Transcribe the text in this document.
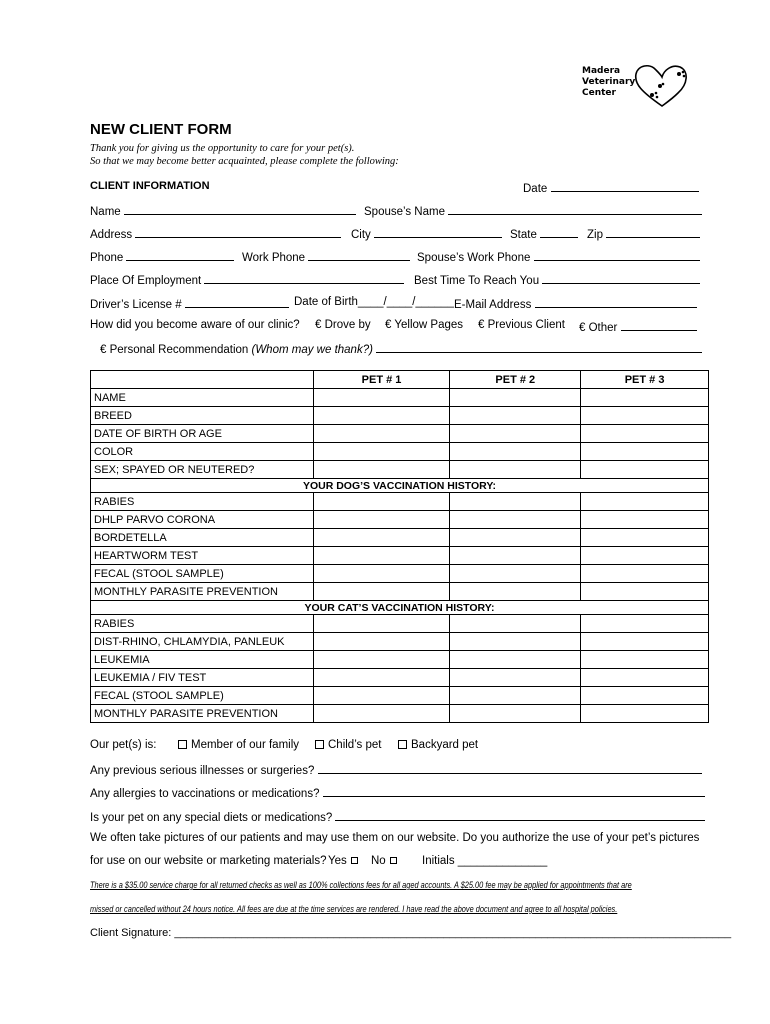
Madera
Veterinary
Center
NEW CLIENT FORM
Thank you for giving us the opportunity to care for your pet(s).
So that we may become better acquainted, please complete the following:
CLIENT INFORMATION	Date
Name	Spouse’s Name
Address	City	State	Zip
Phone	Work Phone	Spouse’s Work Phone
Place Of Employment	Best Time To Reach You
Driver’s License #	Date of Birth____/____/______ E-Mail Address
How did you become aware of our clinic? € Drove by € Yellow Pages € Previous Client € Other
€ Personal Recommendation (Whom may we thank?)
	PET # 1	PET # 2	PET # 3
NAME			
BREED			
DATE OF BIRTH OR AGE			
COLOR			
SEX; SPAYED OR NEUTERED?			
YOUR DOG’S VACCINATION HISTORY:			
RABIES			
DHLP PARVO CORONA			
BORDETELLA			
HEARTWORM TEST			
FECAL (STOOL SAMPLE)			
MONTHLY PARASITE PREVENTION			
YOUR CAT’S VACCINATION HISTORY:			
RABIES			
DIST-RHINO, CHLAMYDIA, PANLEUK			
LEUKEMIA			
LEUKEMIA / FIV TEST			
FECAL (STOOL SAMPLE)			
MONTHLY PARASITE PREVENTION			
Our pet(s) is:	Member of our family	Child’s pet	Backyard pet
Any previous serious illnesses or surgeries?
Any allergies to vaccinations or medications?
Is your pet on any special diets or medications?
We often take pictures of our patients and may use them on our website. Do you authorize the use of your pet’s pictures
for use on our website or marketing materials? Yes	No	Initials ______________
There is a $35.00 service charge for all returned checks as well as 100% collections fees for all aged accounts. A $25.00 fee may be applied for appointments that are
missed or cancelled without 24 hours notice. All fees are due at the time services are rendered. I have read the above document and agree to all hospital policies.
Client Signature: ___________________________________________________________________________________________
